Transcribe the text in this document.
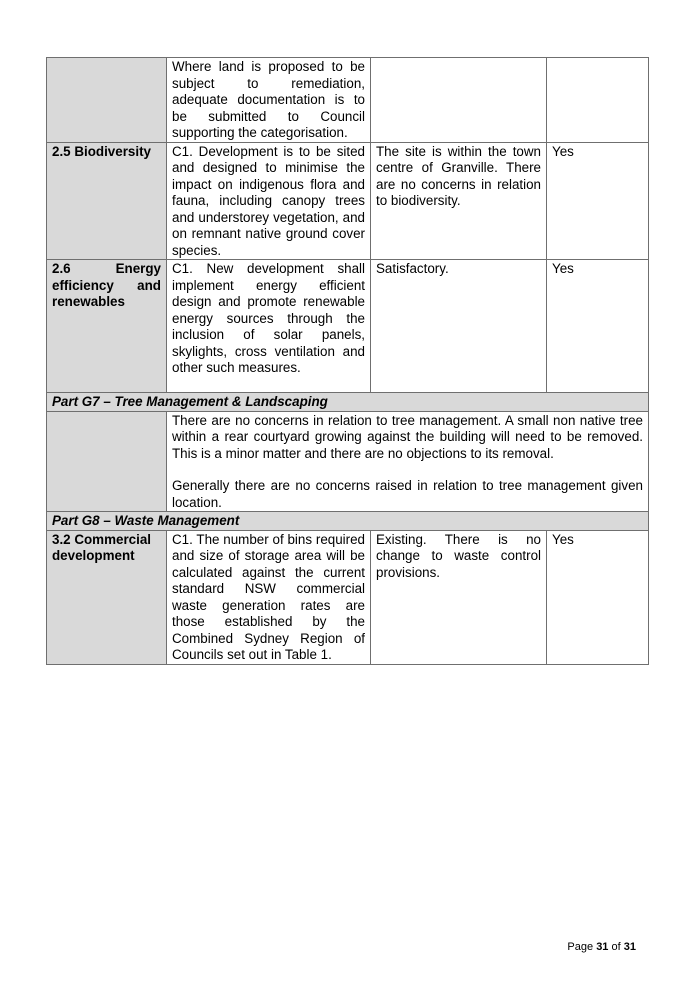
	Where land is proposed to be subject to remediation, adequate documentation is to be submitted to Council supporting the categorisation.		
2.5 Biodiversity	C1. Development is to be sited and designed to minimise the impact on indigenous flora and fauna, including canopy trees and understorey vegetation, and on remnant native ground cover species.	The site is within the town centre of Granville. There are no concerns in relation to biodiversity.	Yes
2.6 Energy efficiency and renewables	C1. New development shall implement energy efficient design and promote renewable energy sources through the inclusion of solar panels, skylights, cross ventilation and other such measures.	Satisfactory.	Yes
Part G7 – Tree Management & Landscaping			

	There are no concerns in relation to tree management. A small non native tree within a rear courtyard growing against the building will need to be removed. This is a minor matter and there are no objections to its removal.
Generally there are no concerns raised in relation to tree management given location.		

Part G8 – Waste Management			
3.2 Commercial development	C1. The number of bins required and size of storage area will be calculated against the current standard NSW commercial waste generation rates are those established by the Combined Sydney Region of Councils set out in Table 1.	Existing. There is no change to waste control provisions.	Yes
Page 31 of 31
